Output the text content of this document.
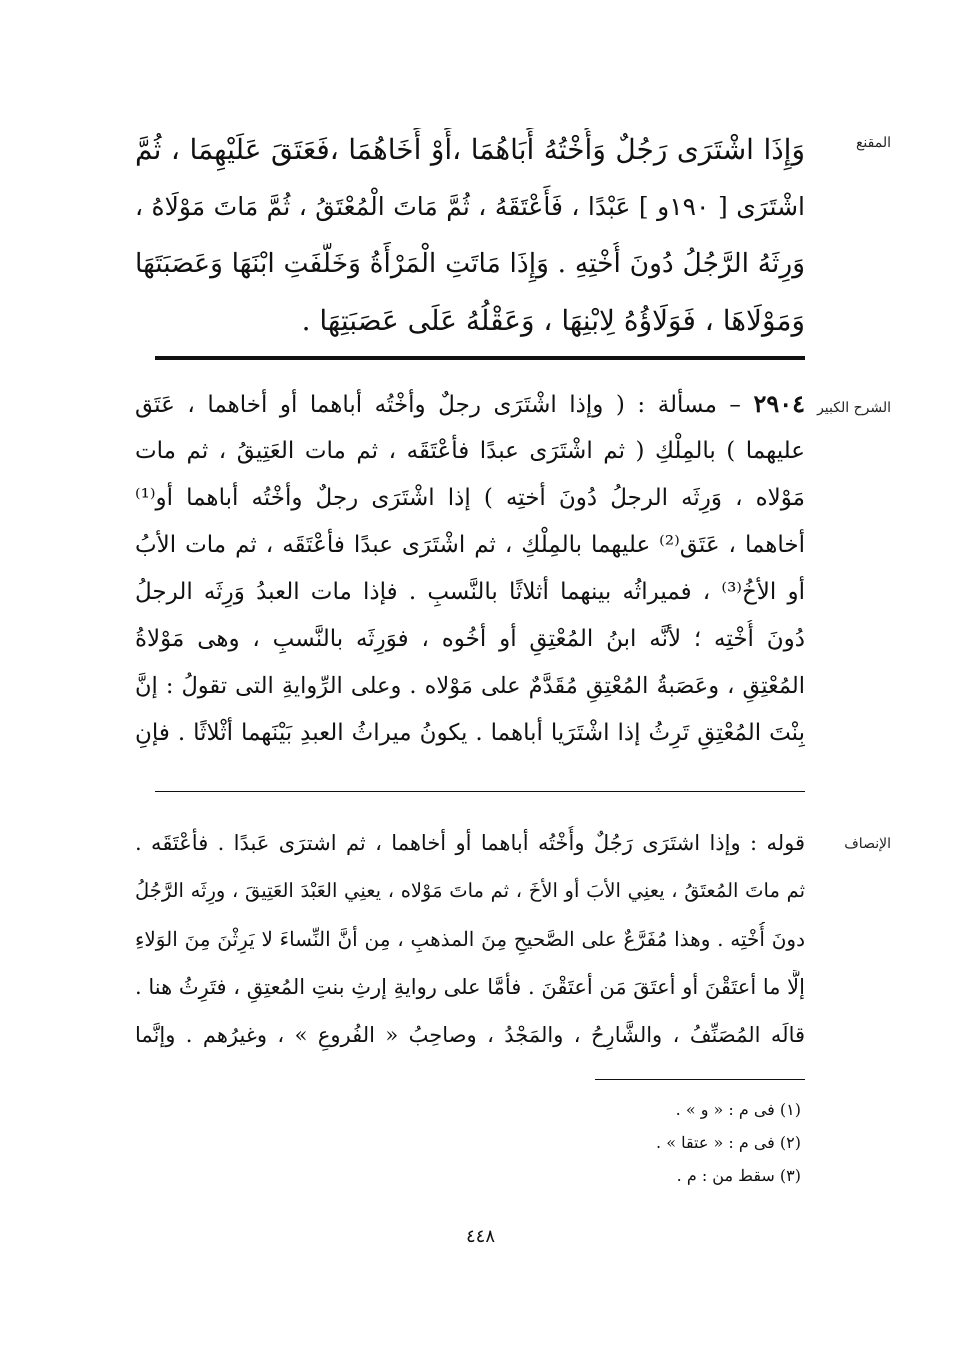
المقنع
وَإِذَا اشْتَرَى رَجُلٌ وَأُخْتُهُ أَبَاهُمَا ،أَوْ أَخَاهُمَا ،فَعَتَقَ عَلَيْهِمَا ، ثُمَّ
اشْتَرَى [ ١٩٠و ] عَبْدًا ، فَأَعْتَقَهُ ، ثُمَّ مَاتَ الْمُعْتَقُ ، ثُمَّ مَاتَ مَوْلَاهُ ،
وَرِثَهُ الرَّجُلُ دُونَ أُخْتِهِ . وَإِذَا مَاتَتِ الْمَرْأَةُ وَخَلَّفَتِ ابْنَهَا وَعَصَبَتَهَا
وَمَوْلَاهَا ، فَوَلَاؤُهُ لِابْنِهَا ، وَعَقْلُهُ عَلَى عَصَبَتِهَا .
الشرح الكبير
٢٩٠٤ – مسألة : ( وإذا اشْتَرَى رجلٌ وأخْتُه أباهما أو أخاهما ، عَتَق
عليهما ) بالمِلْكِ ( ثم اشْتَرَى عبدًا فأعْتَقَه ، ثم مات العَتِيقُ ، ثم مات
مَوْلاه ، وَرِثَه الرجلُ دُونَ أختِه ) إذا اشْتَرَى رجلٌ وأخْتُه أباهما أو⁽¹⁾
أخاهما ، عَتَق⁽²⁾ عليهما بالمِلْكِ ، ثم اشْتَرَى عبدًا فأعْتَقَه ، ثم مات الأبُ
أو الأخُ⁽³⁾ ، فميراثُه بينهما أثلاثًا بالنَّسبِ . فإذا مات العبدُ وَرِثَه الرجلُ
دُونَ أُخْتِه ؛ لأنَّه ابنُ المُعْتِقِ أو أخُوه ، فوَرِثَه بالنَّسبِ ، وهى مَوْلاةُ
المُعْتِقِ ، وعَصَبةُ المُعْتِقِ مُقَدَّمٌ على مَوْلاه . وعلى الرِّوايةِ التى تقولُ : إنَّ
بِنْتَ المُعْتِقِ تَرِثُ إذا اشْتَرَيا أباهما . يكونُ ميراثُ العبدِ بَيْنَهما أثْلاثًا . فإنِ
الإنصاف
قوله : وإذا اشتَرَى رَجُلٌ وأُخْتُه أباهما أو أخاهما ، ثم اشترَى عَبدًا . فأعْتَقَه .
ثم ماتَ المُعتَقُ ، يعنِي الأبَ أو الأخَ ، ثم ماتَ مَوْلاه ، يعنِي العَبْدَ العَتِيقَ ، ورِثَه الرَّجُلُ
دونَ أُخْتِه . وهذا مُفَرَّعٌ على الصَّحيحِ مِنَ المذهبِ ، مِن أنَّ النِّساءَ لا يَرِثْنَ مِنَ الوَلاءِ
إلَّا ما أعتَقْنَ أو أعتَقَ مَن أعتَقْنَ . فأمَّا على روايةِ إرثِ بنتِ المُعتِقِ ، فتَرِثُ هنا .
قالَه المُصَنِّفُ ، والشَّارِحُ ، والمَجْدُ ، وصاحِبُ « الفُروعِ » ، وغيرُهم . وإنَّما
(١) فى م : « و » .
(٢) فى م : « عتقا » .
(٣) سقط من : م .
٤٤٨
